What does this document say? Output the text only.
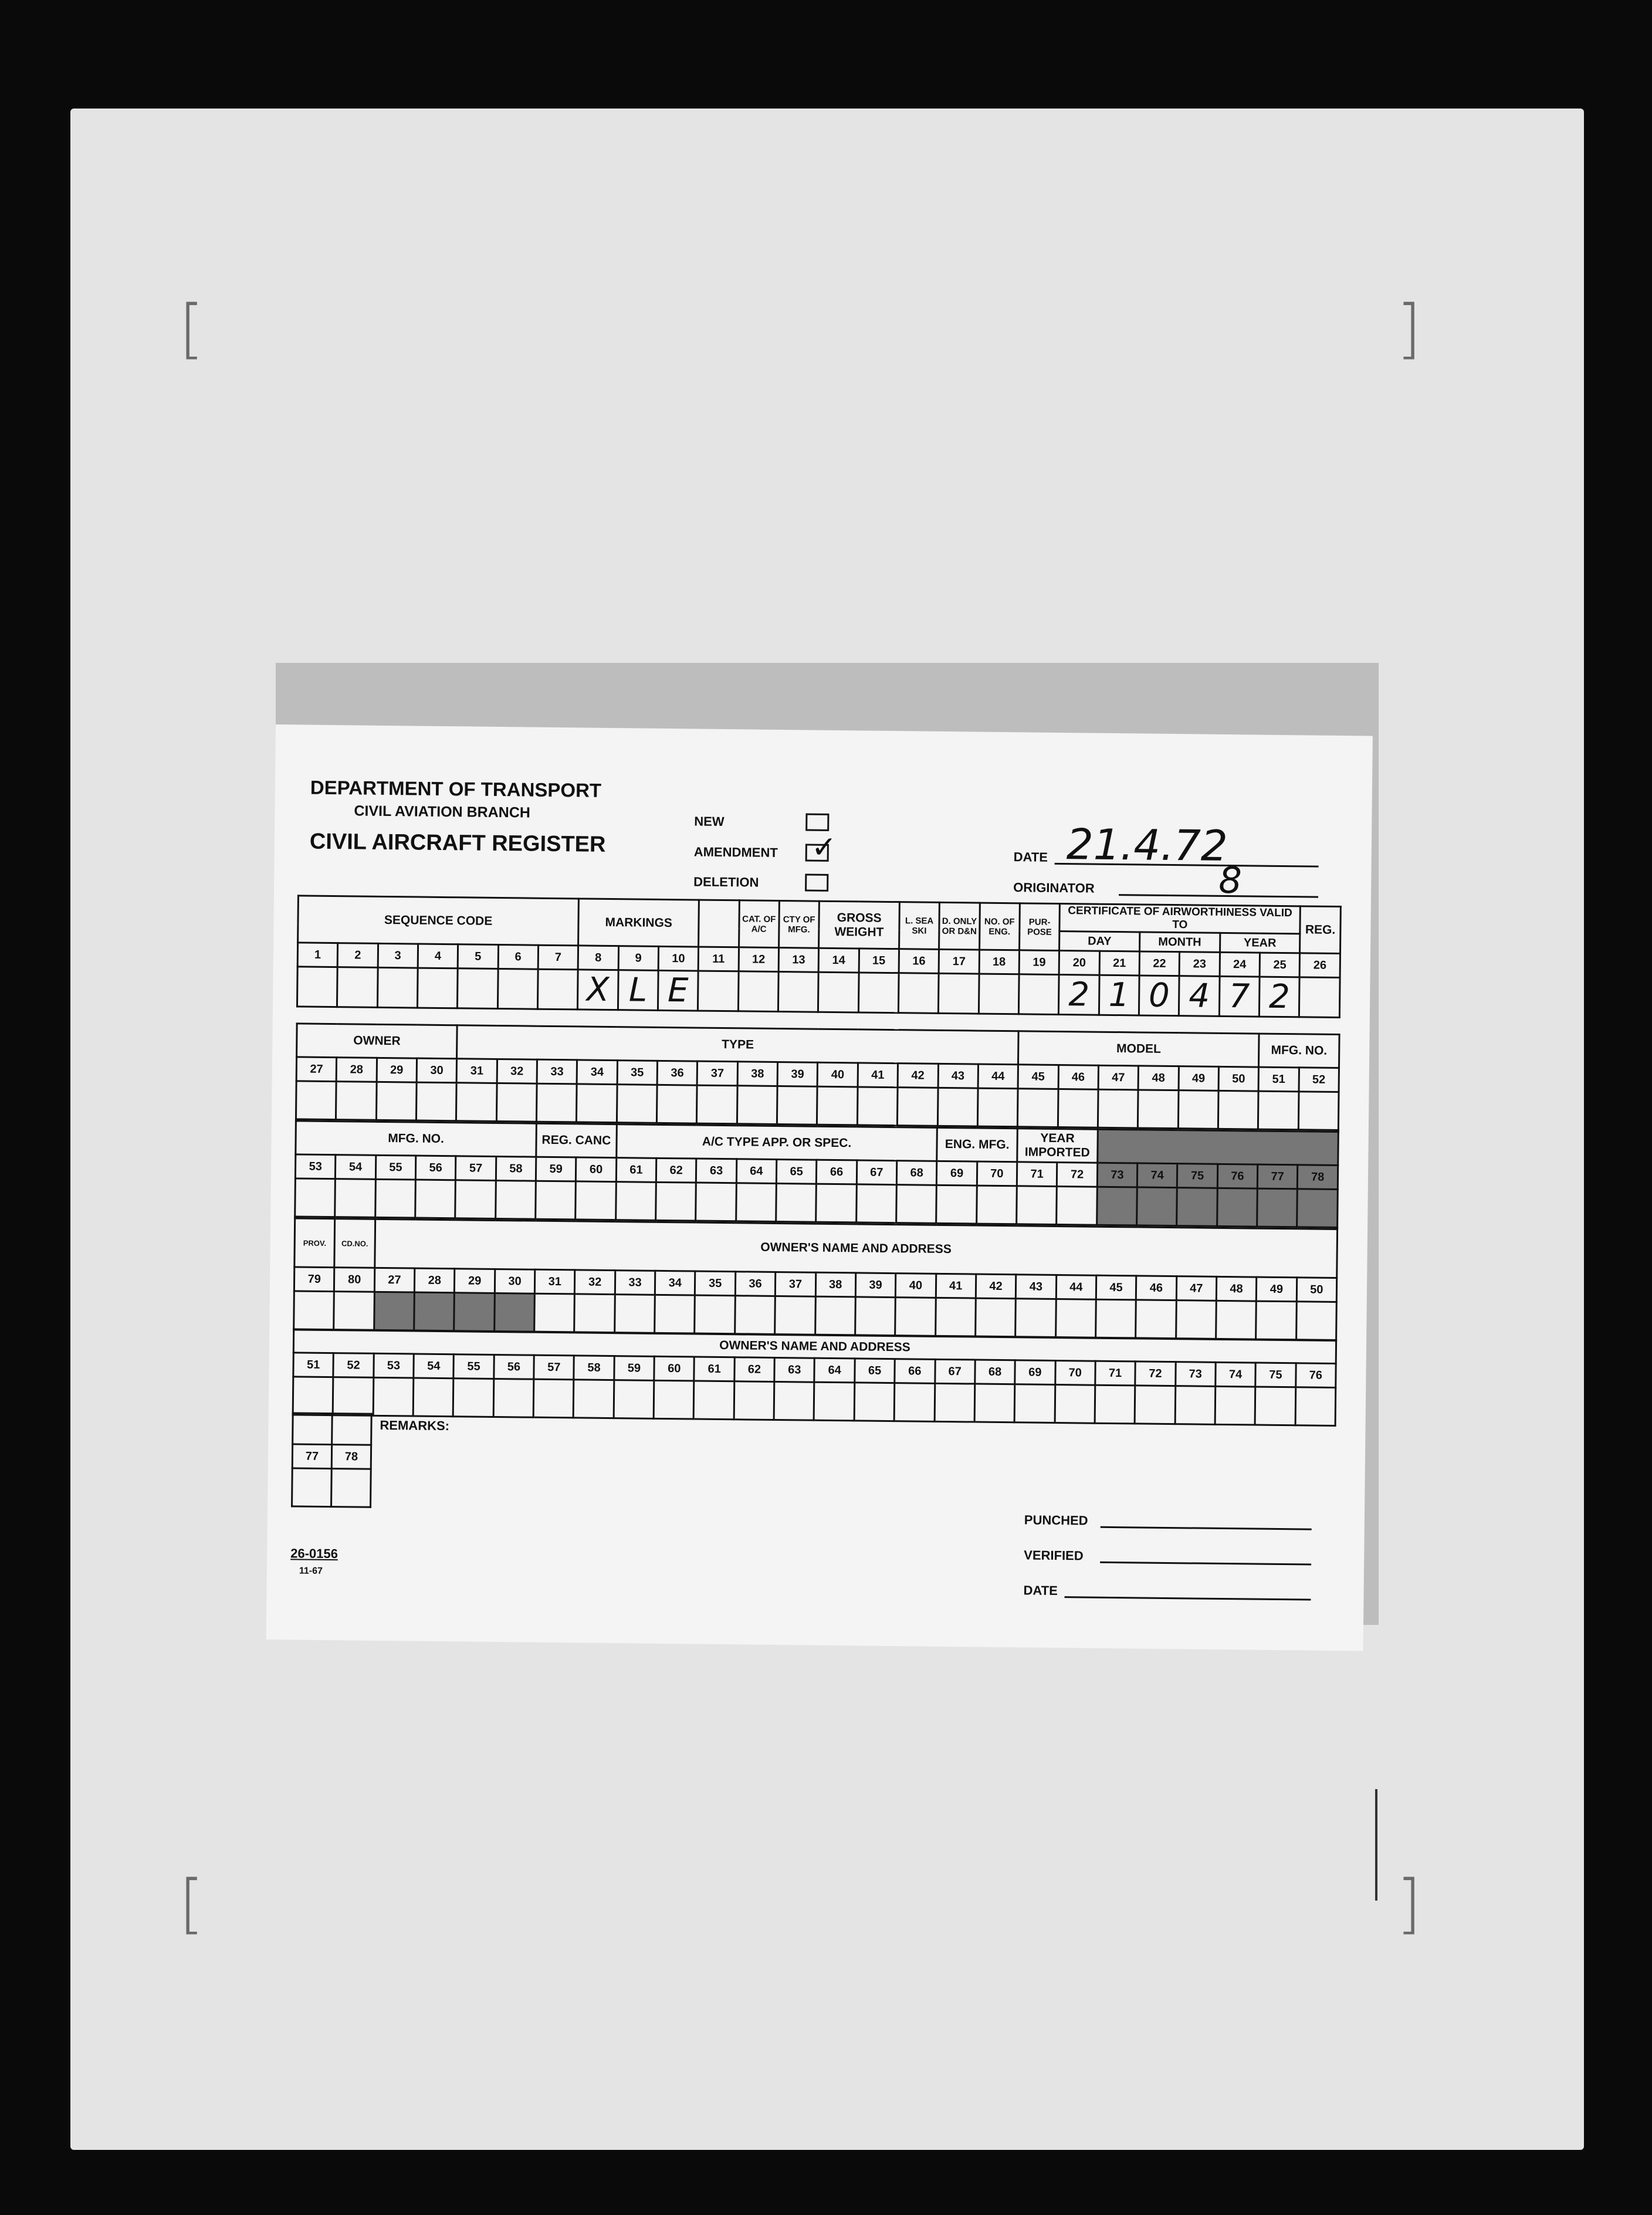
[	]
[	]
DEPARTMENT OF TRANSPORT
CIVIL AVIATION BRANCH
CIVIL AIRCRAFT REGISTER
NEW
AMENDMENT ✓
DELETION
DATE 21.4.72
ORIGINATOR	8
SEQUENCE CODE							MARKINGS				CAT. OF A/C	CTY OF MFG.	GROSS WEIGHT		L. SEA SKI	D. ONLY OR D&N	NO. OF ENG.	PUR-POSE	CERTIFICATE OF AIRWORTHINESS VALID TO						REG.
																			DAY		MONTH		YEAR		
1	2	3	4	5	6	7	8	9	10	11	12	13	14	15	16	17	18	19	20	21	22	23	24	25	26
							X	L	E										2	1	0	4	7	2	
OWNER				TYPE														MODEL						MFG. NO.	
27	28	29	30	31	32	33	34	35	36	37	38	39	40	41	42	43	44	45	46	47	48	49	50	51	52

MFG. NO.						REG. CANC		A/C TYPE APP. OR SPEC.								ENG. MFG.		YEAR IMPORTED							
53	54	55	56	57	58	59	60	61	62	63	64	65	66	67	68	69	70	71	72	73	74	75	76	77	78

PROV.	CD.NO.	OWNER'S NAME AND ADDRESS																							
79	80	27	28	29	30	31	32	33	34	35	36	37	38	39	40	41	42	43	44	45	46	47	48	49	50

OWNER'S NAME AND ADDRESS																									
51	52	53	54	55	56	57	58	59	60	61	62	63	64	65	66	67	68	69	70	71	72	73	74	75	76

77	78

REMARKS:
PUNCHED
VERIFIED
DATE
26-0156
11-67
